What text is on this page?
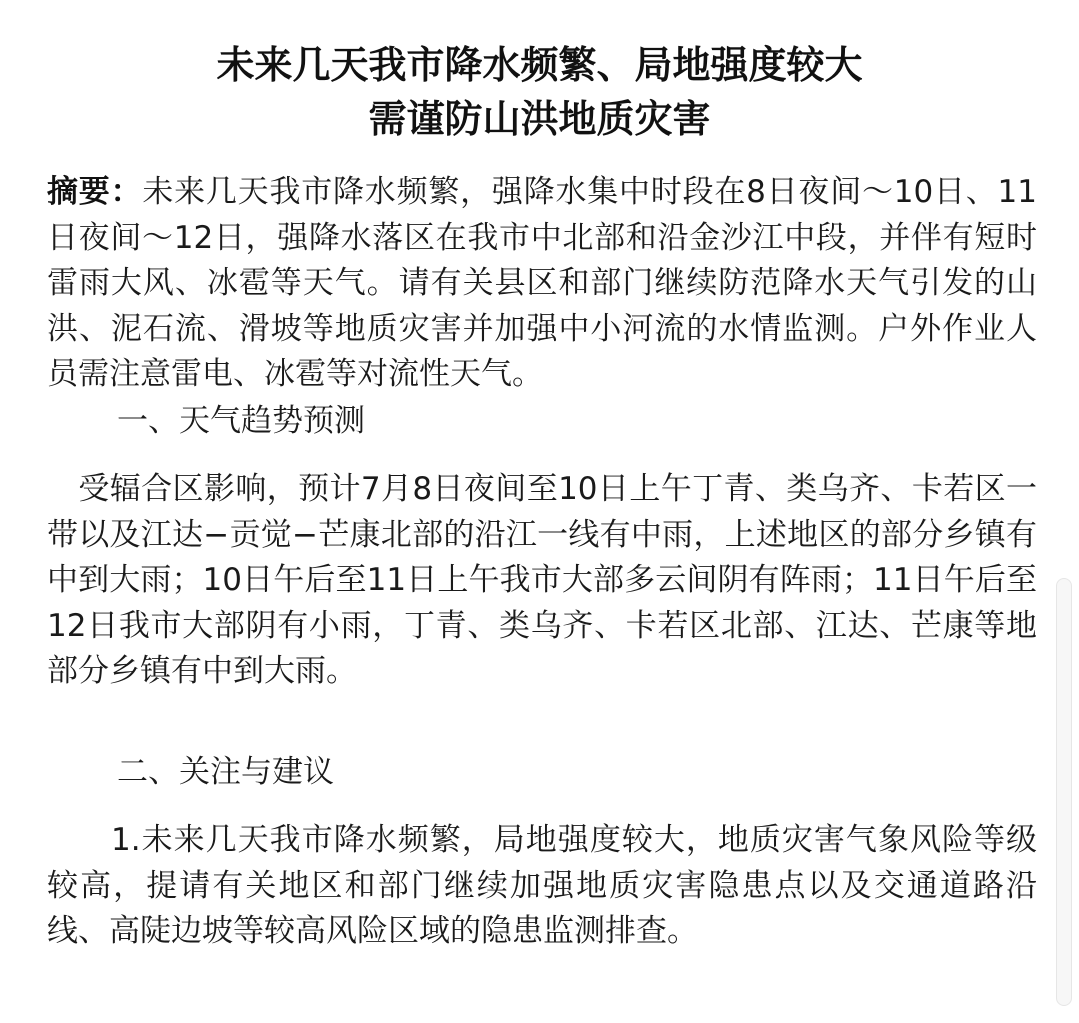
未来几天我市降水频繁、局地强度较大
需谨防山洪地质灾害
摘要：未来几天我市降水频繁，强降水集中时段在8日夜间～10日、11日夜间～12日，强降水落区在我市中北部和沿金沙江中段，并伴有短时雷雨大风、冰雹等天气。请有关县区和部门继续防范降水天气引发的山洪、泥石流、滑坡等地质灾害并加强中小河流的水情监测。户外作业人员需注意雷电、冰雹等对流性天气。
一、天气趋势预测
　受辐合区影响，预计7月8日夜间至10日上午丁青、类乌齐、卡若区一带以及江达−贡觉−芒康北部的沿江一线有中雨，上述地区的部分乡镇有中到大雨；10日午后至11日上午我市大部多云间阴有阵雨；11日午后至12日我市大部阴有小雨，丁青、类乌齐、卡若区北部、江达、芒康等地部分乡镇有中到大雨。
二、关注与建议
　　1.未来几天我市降水频繁，局地强度较大，地质灾害气象风险等级较高，提请有关地区和部门继续加强地质灾害隐患点以及交通道路沿线、高陡边坡等较高风险区域的隐患监测排查。
